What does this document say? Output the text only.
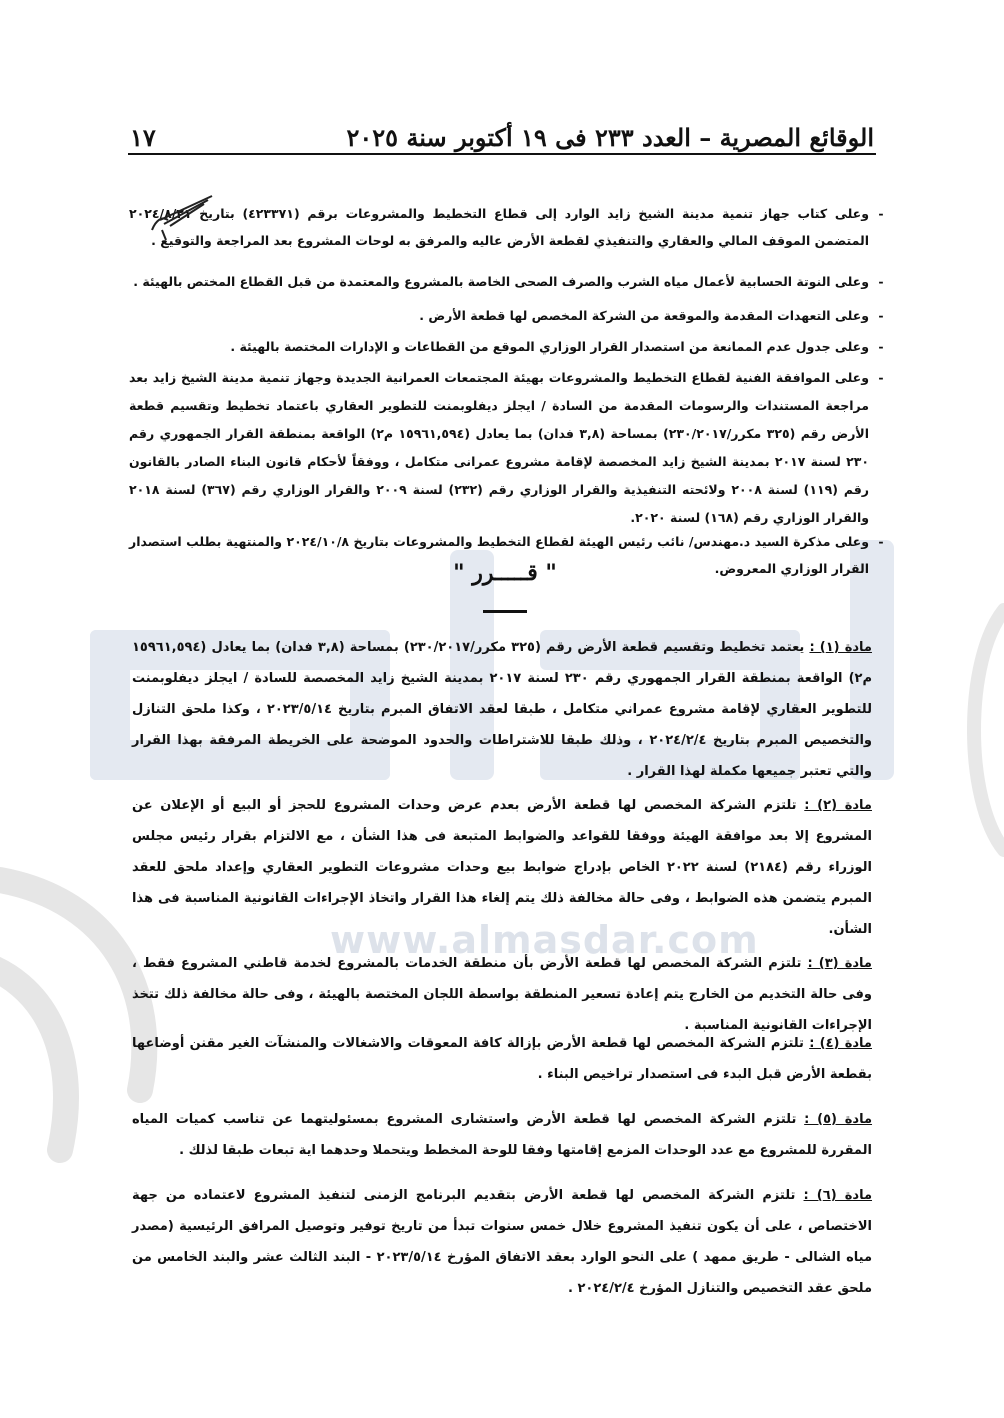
www.almasdar.com
الوقائع المصرية – العدد ٢٣٣ فى ١٩ أكتوبر سنة ٢٠٢٥
١٧
-
وعلى كتاب جهاز تنمية مدينة الشيخ زايد الوارد إلى قطاع التخطيط والمشروعات برقم (٤٢٣٣٧١) بتاريخ ٢٠٢٤/٨/٢١ المتضمن الموقف المالي والعقاري والتنفيذي لقطعة الأرض عاليه والمرفق به لوحات المشروع بعد المراجعة والتوقيع .
-
وعلى النوتة الحسابية لأعمال مياه الشرب والصرف الصحى الخاصة بالمشروع والمعتمدة من قبل القطاع المختص بالهيئة .
-
وعلى التعهدات المقدمة والموقعة من الشركة المخصص لها قطعة الأرض .
-
وعلى جدول عدم الممانعة من استصدار القرار الوزاري الموقع من القطاعات و الإدارات المختصة بالهيئة .
-
وعلى الموافقة الفنية لقطاع التخطيط والمشروعات بهيئة المجتمعات العمرانية الجديدة وجهاز تنمية مدينة الشيخ زايد بعد مراجعة المستندات والرسومات المقدمة من السادة / ايجلز ديفلوبمنت للتطوير العقاري باعتماد تخطيط وتقسيم قطعة الأرض رقم (٣٢٥ مكرر/٢٣٠/٢٠١٧) بمساحة (٣,٨ فدان) بما يعادل (١٥٩٦١,٥٩٤ م٢) الواقعة بمنطقة القرار الجمهوري رقم ٢٣٠ لسنة ٢٠١٧ بمدينة الشيخ زايد المخصصة لإقامة مشروع عمرانى متكامل ، ووفقاً لأحكام قانون البناء الصادر بالقانون رقم (١١٩) لسنة ٢٠٠٨ ولائحته التنفيذية والقرار الوزاري رقم (٢٣٢) لسنة ٢٠٠٩ والقرار الوزاري رقم (٣٦٧) لسنة ٢٠١٨ والقرار الوزاري رقم (١٦٨) لسنة ٢٠٢٠.
-
وعلى مذكرة السيد د.مهندس/ نائب رئيس الهيئة لقطاع التخطيط والمشروعات بتاريخ ٢٠٢٤/١٠/٨ والمنتهية بطلب استصدار القرار الوزاري المعروض.
" قـــــرر "
مادة (١) : يعتمد تخطيط وتقسيم قطعة الأرض رقم (٣٢٥ مكرر/٢٣٠/٢٠١٧) بمساحة (٣,٨ فدان) بما يعادل (١٥٩٦١,٥٩٤ م٢) الواقعة بمنطقة القرار الجمهوري رقم ٢٣٠ لسنة ٢٠١٧ بمدينة الشيخ زايد المخصصة للسادة / ايجلز ديفلوبمنت للتطوير العقاري لإقامة مشروع عمراني متكامل ، طبقا لعقد الاتفاق المبرم بتاريخ ٢٠٢٣/٥/١٤ ، وكذا ملحق التنازل والتخصيص المبرم بتاريخ ٢٠٢٤/٢/٤ ، وذلك طبقا للاشتراطات والحدود الموضحة على الخريطة المرفقة بهذا القرار والتي تعتبر جميعها مكملة لهذا القرار .
مادة (٢) : تلتزم الشركة المخصص لها قطعة الأرض بعدم عرض وحدات المشروع للحجز أو البيع أو الإعلان عن المشروع إلا بعد موافقة الهيئة ووفقا للقواعد والضوابط المتبعة فى هذا الشأن ، مع الالتزام بقرار رئيس مجلس الوزراء رقم (٢١٨٤) لسنة ٢٠٢٢ الخاص بإدراج ضوابط بيع وحدات مشروعات التطوير العقاري وإعداد ملحق للعقد المبرم يتضمن هذه الضوابط ، وفى حالة مخالفة ذلك يتم إلغاء هذا القرار واتخاذ الإجراءات القانونية المناسبة فى هذا الشأن.
مادة (٣) : تلتزم الشركة المخصص لها قطعة الأرض بأن منطقة الخدمات بالمشروع لخدمة قاطني المشروع فقط ، وفى حالة التخديم من الخارج يتم إعادة تسعير المنطقة بواسطة اللجان المختصة بالهيئة ، وفى حالة مخالفة ذلك تتخذ الإجراءات القانونية المناسبة .
مادة (٤) : تلتزم الشركة المخصص لها قطعة الأرض بإزالة كافة المعوقات والاشغالات والمنشآت الغير مقنن أوضاعها بقطعة الأرض قبل البدء فى استصدار تراخيص البناء .
مادة (٥) : تلتزم الشركة المخصص لها قطعة الأرض واستشارى المشروع بمسئوليتهما عن تناسب كميات المياه المقررة للمشروع مع عدد الوحدات المزمع إقامتها وفقا للوحة المخطط ويتحملا وحدهما اية تبعات طبقا لذلك .
مادة (٦) : تلتزم الشركة المخصص لها قطعة الأرض بتقديم البرنامج الزمنى لتنفيذ المشروع لاعتماده من جهة الاختصاص ، على أن يكون تنفيذ المشروع خلال خمس سنوات تبدأ من تاريخ توفير وتوصيل المرافق الرئيسية (مصدر مياه الشالى - طريق ممهد ) على النحو الوارد بعقد الاتفاق المؤرخ ٢٠٢٣/٥/١٤ - البند الثالث عشر والبند الخامس من ملحق عقد التخصيص والتنازل المؤرخ ٢٠٢٤/٢/٤ .
